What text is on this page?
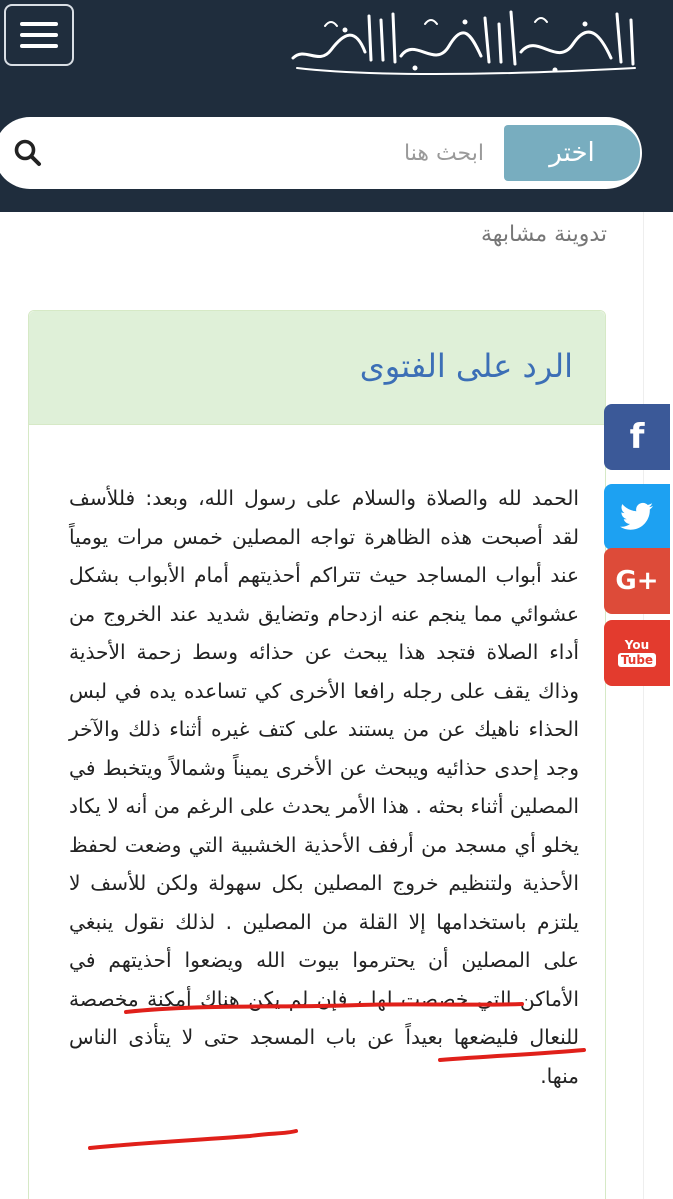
ابحث هنا
اختر
تدوينة مشابهة
الرد على الفتوى

الحمد لله والصلاة والسلام على رسول الله، وبعد: فللأسف لقد أصبحت هذه الظاهرة تواجه المصلين خمس مرات يومياً عند أبواب المساجد حيث تتراكم أحذيتهم أمام الأبواب بشكل عشوائي مما ينجم عنه ازدحام وتضايق شديد عند الخروج من أداء الصلاة فتجد هذا يبحث عن حذائه وسط زحمة الأحذية وذاك يقف على رجله رافعا الأخرى كي تساعده يده في لبس الحذاء ناهيك عن من يستند على كتف غيره أثناء ذلك والآخر وجد إحدى حذائيه ويبحث عن الأخرى يميناً وشمالاً ويتخبط في المصلين أثناء بحثه . هذا الأمر يحدث على الرغم من أنه لا يكاد يخلو أي مسجد من أرفف الأحذية الخشبية التي وضعت لحفظ الأحذية ولتنظيم خروج المصلين بكل سهولة ولكن للأسف لا يلتزم باستخدامها إلا القلة من المصلين . لذلك نقول ينبغي على المصلين أن يحترموا بيوت الله ويضعوا أحذيتهم في الأماكن التي خصصت لها ، فإن لم يكن هناك أمكنة مخصصة للنعال فليضعها بعيداً عن باب المسجد حتى لا يتأذى الناس منها.

f
G+
You
Tube
